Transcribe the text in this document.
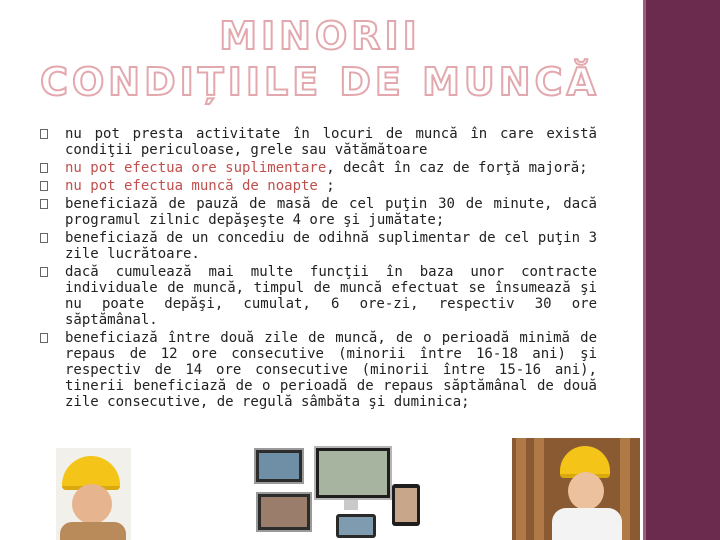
MINORII
CONDIȚIILE DE MUNCĂ
nu pot presta activitate în locuri de muncă în care există condiţii periculoase, grele sau vătămătoare
nu pot efectua ore suplimentare, decât în caz de forţă majoră;
nu pot efectua muncă de noapte ;
beneficiază de pauză de masă de cel puţin 30 de minute, dacă programul zilnic depăşeşte 4 ore şi jumătate;
beneficiază de un concediu de odihnă suplimentar de cel puţin 3 zile lucrătoare.
dacă cumulează mai multe funcţii în baza unor contracte individuale de muncă, timpul de muncă efectuat se însumează şi nu poate depăşi, cumulat, 6 ore-zi, respectiv 30 ore săptămânal.
beneficiază între două zile de muncă, de o perioadă minimă de repaus de 12 ore consecutive (minorii între 16-18 ani) şi respectiv de 14 ore consecutive (minorii între 15-16 ani), tinerii beneficiază de o perioadă de repaus săptămânal de două zile consecutive, de regulă sâmbăta şi duminica;
